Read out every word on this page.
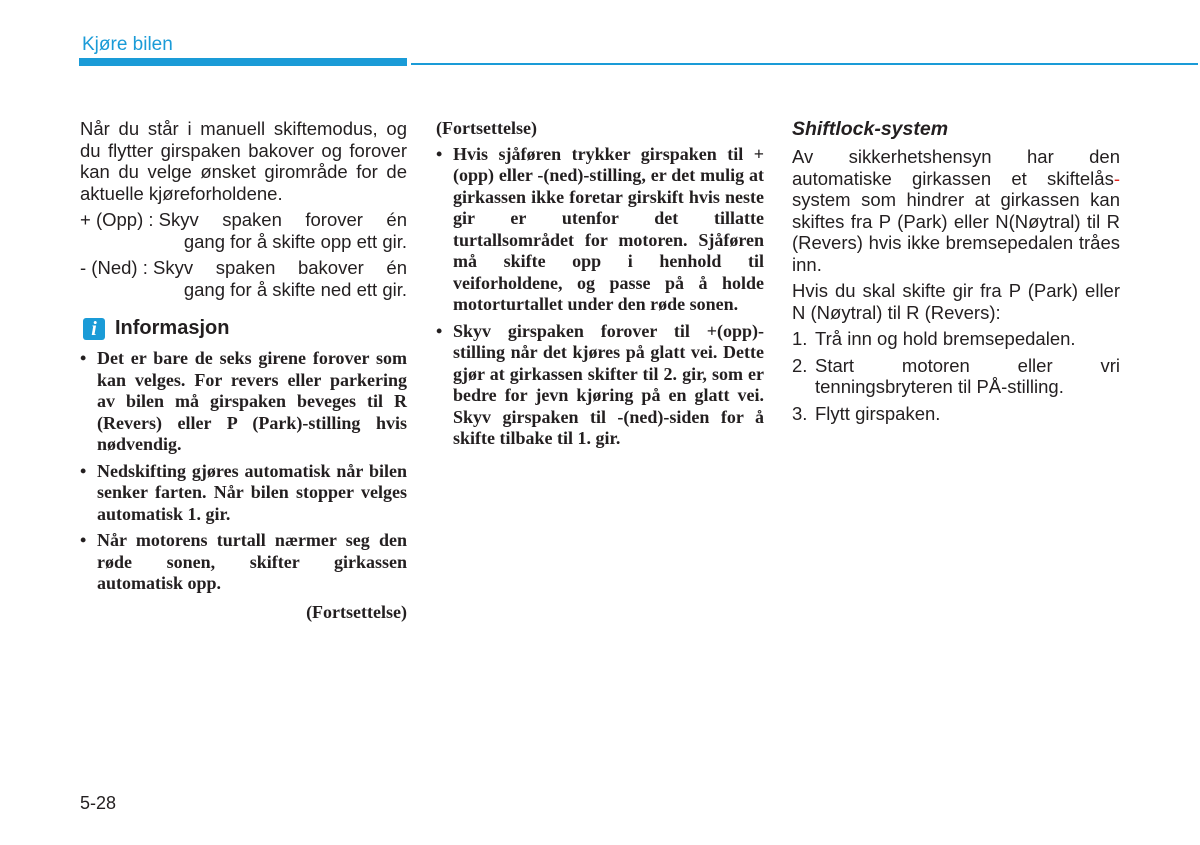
Kjøre bilen

Når du står i manuell skiftemodus, og du flytter girspaken bakover og forover kan du velge ønsket girområde for de aktuelle kjøreforholdene.

+ (Opp) : Skyv spaken forover én
gang for å skifte opp ett gir.
- (Ned) : Skyv spaken bakover én
gang for å skifte ned ett gir.
i Informasjon
• Det er bare de seks girene forover som kan velges. For revers eller parkering av bilen må girspaken beveges til R (Revers) eller P (Park)-stilling hvis nødvendig.
• Nedskifting gjøres automatisk når bilen senker farten. Når bilen stopper velges automatisk 1. gir.
• Når motorens turtall nærmer seg den røde sonen, skifter girkassen automatisk opp.
(Fortsettelse)
(Fortsettelse)
• Hvis sjåføren trykker girspaken til +(opp) eller -(ned)-stilling, er det mulig at girkassen ikke foretar girskift hvis neste gir er utenfor det tillatte turtallsområdet for motoren. Sjåføren må skifte opp i henhold til veiforholdene, og passe på å holde motorturtallet under den røde sonen.
• Skyv girspaken forover til +(opp)-stilling når det kjøres på glatt vei. Dette gjør at girkassen skifter til 2. gir, som er bedre for jevn kjøring på en glatt vei. Skyv girspaken til -(ned)-siden for å skifte tilbake til 1. gir.
Shiftlock-system

Av sikkerhetshensyn har den automatiske girkassen et skiftelås- system som hindrer at girkassen kan skiftes fra P (Park) eller N(Nøytral) til R (Revers) hvis ikke bremsepedalen tråes inn.

Hvis du skal skifte gir fra P (Park) eller N (Nøytral) til R (Revers):

1. Trå inn og hold bremsepedalen.
2. Start motoren eller vri tenningsbryteren til PÅ-stilling.
3. Flytt girspaken.
5-28
